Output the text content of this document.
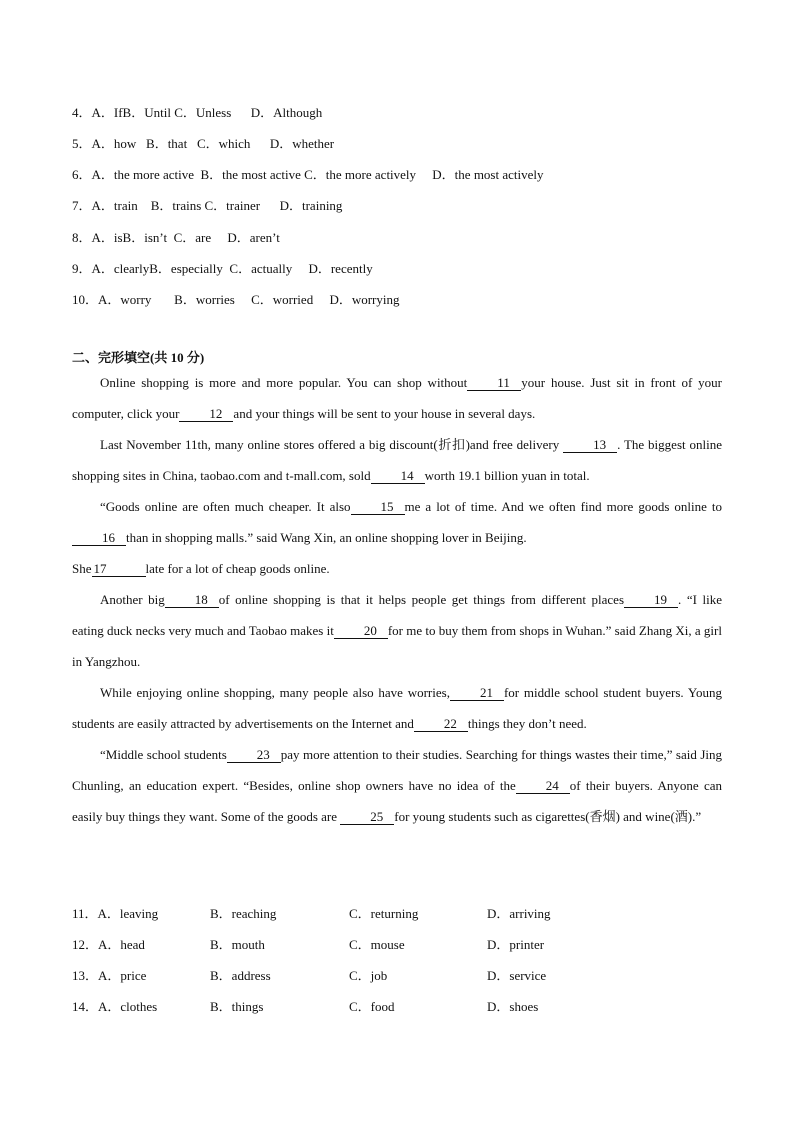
4．A．IfB．Until C．Unless      D．Although
5．A．how   B．that   C．which      D．whether
6．A．the more active  B．the most active C．the more actively     D．the most actively
7．A．train    B．trains C．trainer      D．training
8．A．isB．isn’t  C．are     D．aren’t
9．A．clearlyB．especially  C．actually     D．recently
10．A．worry       B．worries     C．worried     D．worrying
二、完形填空(共 10 分)

Online shopping is more and more popular. You can shop without 11 your house. Just sit in front of your computer, click your 12 and your things will be sent to your house in several days.

Last November 11th, many online stores offered a big discount(折扣)and free delivery 13 . The biggest online shopping sites in China, taobao.com and t-mall.com, sold 14 worth 19.1 billion yuan in total.

“Goods online are often much cheaper. It also 15 me a lot of time. And we often find more goods online to16 than in shopping malls.” said Wang Xin, an online shopping lover in Beijing.

She 17	late for a lot of cheap goods online.

Another big 18 of online shopping is that it helps people get things from different places 19 . “I like eating duck necks very much and Taobao makes it 20 for me to buy them from shops in Wuhan.” said Zhang Xi, a girl in Yangzhou.

While enjoying online shopping, many people also have worries, 21 for middle school student buyers. Young students are easily attracted by advertisements on the Internet and 22 things they don’t need.

“Middle school students 23 pay more attention to their studies. Searching for things wastes their time,” said Jing Chunling, an education expert. “Besides, online shop owners have no idea of the 24 of their buyers. Anyone can easily buy things they want. Some of the goods are 25 for young students such as cigarettes(香烟) and wine(酒).”

11．A．leaving	B．reaching	C．returning	D．arriving
12．A．head	B．mouth	C．mouse	D．printer
13．A．price	B．address	C．job	D．service
14．A．clothes	B．things	C．food	D．shoes
